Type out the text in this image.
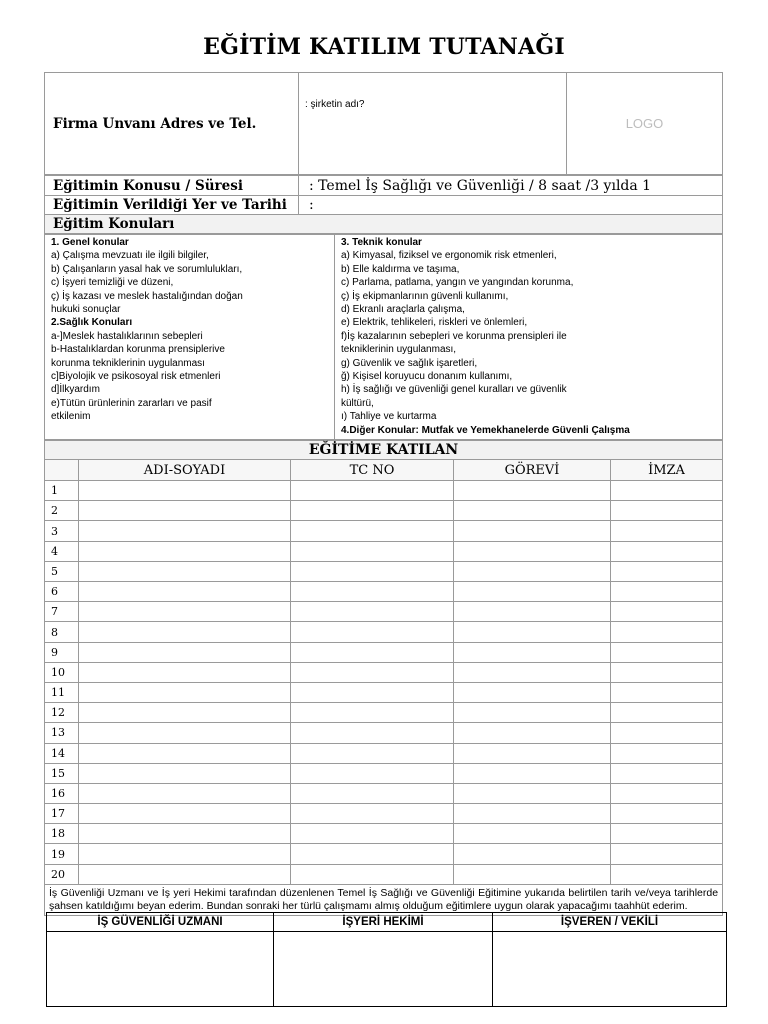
EĞİTİM KATILIM TUTANAĞI
Firma Unvanı Adres ve Tel.	: şirketin adı?	LOGO
Eğitimin Konusu / Süresi	: Temel İş Sağlığı ve Güvenliği / 8 saat /3 yılda 1
Eğitimin Verildiği Yer ve Tarihi	:
Eğitim Konuları	
1. Genel konular
a) Çalışma mevzuatı ile ilgili bilgiler,
b) Çalışanların yasal hak ve sorumlulukları,
c) İşyeri temizliği ve düzeni,
ç) İş kazası ve meslek hastalığından doğan
hukuki sonuçlar
2.Sağlık Konuları
a-]Meslek hastalıklarının sebepleri
b-Hastalıklardan korunma prensiplerive
korunma tekniklerinin uygulanması
c]Biyolojik ve psikosoyal risk etmenleri
d]İlkyardım
e)Tütün ürünlerinin zararları ve pasif
etkilenim

3. Teknik konular
a) Kimyasal, fiziksel ve ergonomik risk etmenleri,
b) Elle kaldırma ve taşıma,
c) Parlama, patlama, yangın ve yangından korunma,
ç) İş ekipmanlarının güvenli kullanımı,
d) Ekranlı araçlarla çalışma,
e) Elektrik, tehlikeleri, riskleri ve önlemleri,
f)İş kazalarının sebepleri ve korunma prensipleri ile
tekniklerinin uygulanması,
g) Güvenlik ve sağlık işaretleri,
ğ) Kişisel koruyucu donanım kullanımı,
h) İş sağlığı ve güvenliği genel kuralları ve güvenlik
kültürü,
ı) Tahliye ve kurtarma
4.Diğer Konular: Mutfak ve Yemekhanelerde Güvenli Çalışma
EĞİTİME KATILAN				
	ADI-SOYADI	TC NO	GÖREVİ	İMZA
1				
2				
3				
4				
5				
6				
7				
8				
9				
10				
11				
12				
13				
14				
15				
16				
17				
18				
19				
20				
İş Güvenliği Uzmanı ve İş yeri Hekimi tarafından düzenlenen Temel İş Sağlığı ve Güvenliği Eğitimine yukarıda belirtilen tarih ve/veya tarihlerde şahsen katıldığımı beyan ederim. Bundan sonraki her türlü çalışmamı almış olduğum eğitimlere uygun olarak yapacağımı taahhüt ederim.				
İŞ GÜVENLİĞİ UZMANI	İŞYERİ HEKİMİ	İŞVEREN / VEKİLİ
